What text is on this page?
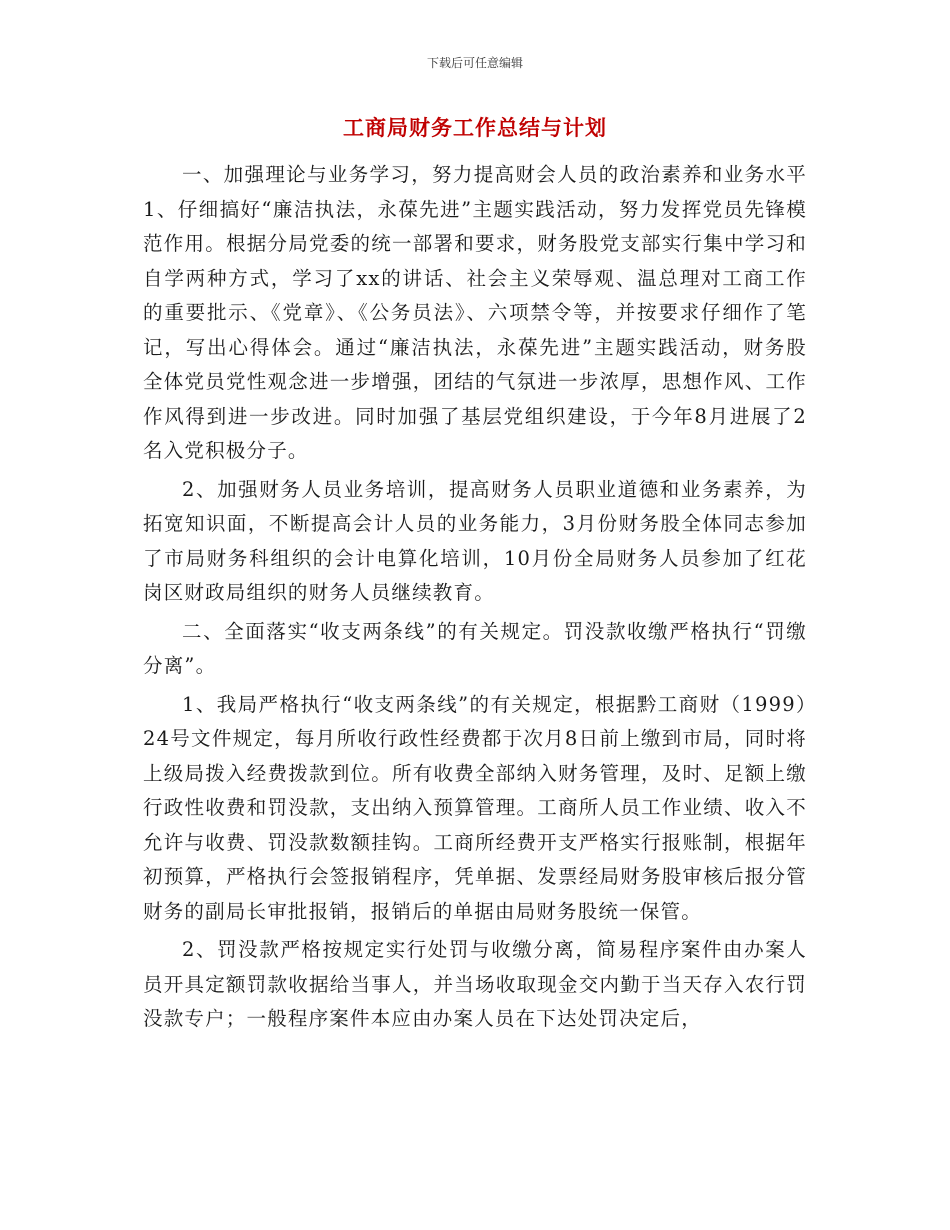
下载后可任意编辑
工商局财务工作总结与计划

一、加强理论与业务学习，努力提高财会人员的政治素养和业务水平1、仔细搞好“廉洁执法，永葆先进”主题实践活动，努力发挥党员先锋模范作用。根据分局党委的统一部署和要求，财务股党支部实行集中学习和自学两种方式，学习了xx的讲话、社会主义荣辱观、温总理对工商工作的重要批示、《党章》、《公务员法》、六项禁令等，并按要求仔细作了笔记，写出心得体会。通过“廉洁执法，永葆先进”主题实践活动，财务股全体党员党性观念进一步增强，团结的气氛进一步浓厚，思想作风、工作作风得到进一步改进。同时加强了基层党组织建设，于今年8月进展了2名入党积极分子。

2、加强财务人员业务培训，提高财务人员职业道德和业务素养，为拓宽知识面，不断提高会计人员的业务能力，3月份财务股全体同志参加了市局财务科组织的会计电算化培训，10月份全局财务人员参加了红花岗区财政局组织的财务人员继续教育。

二、全面落实“收支两条线”的有关规定。罚没款收缴严格执行“罚缴分离”。

1、我局严格执行“收支两条线”的有关规定，根据黔工商财（1999）24号文件规定，每月所收行政性经费都于次月8日前上缴到市局，同时将上级局拨入经费拨款到位。所有收费全部纳入财务管理，及时、足额上缴行政性收费和罚没款，支出纳入预算管理。工商所人员工作业绩、收入不允许与收费、罚没款数额挂钩。工商所经费开支严格实行报账制，根据年初预算，严格执行会签报销程序，凭单据、发票经局财务股审核后报分管财务的副局长审批报销，报销后的单据由局财务股统一保管。

2、罚没款严格按规定实行处罚与收缴分离，简易程序案件由办案人员开具定额罚款收据给当事人，并当场收取现金交内勤于当天存入农行罚没款专户；一般程序案件本应由办案人员在下达处罚决定后，
